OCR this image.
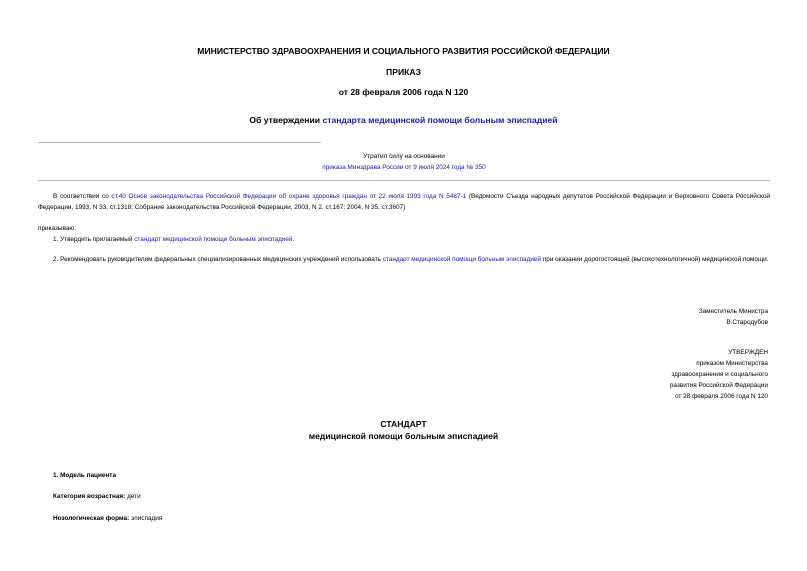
МИНИСТЕРСТВО ЗДРАВООХРАНЕНИЯ И СОЦИАЛЬНОГО РАЗВИТИЯ РОССИЙСКОЙ ФЕДЕРАЦИИ
ПРИКАЗ
от 28 февраля 2006 года N 120
Об утверждении стандарта медицинской помощи больным эписпадией
Утратил силу на основании
приказа Минздрава России от 9 июля 2024 года № 350
В соответствии со ст.40 Основ законодательства Российской Федерации об охране здоровья граждан от 22 июля 1993 года N 5487-1 (Ведомости Съезда народных депутатов Российской Федерации и Верховного Совета Российской Федерации, 1993, N 33, ст.1318; Собрание законодательства Российской Федерации, 2003, N 2, ст.167; 2004, N 35, ст.3607)
приказываю:
1. Утвердить прилагаемый стандарт медицинской помощи больным эписпадией.
2. Рекомендовать руководителям федеральных специализированных медицинских учреждений использовать стандарт медицинской помощи больным эписпадией при оказании дорогостоящей (высокотехнологичной) медицинской помощи.
Заместитель Министра
В.Стародубов
УТВЕРЖДЕН
приказом Министерства
здравоохранения и социального
развития Российской Федерации
от 28 февраля 2006 года N 120
СТАНДАРТ
медицинской помощи больным эписпадией
1. Модель пациента
Категория возрастная: дети
Нозологическая форма: эписпадия
